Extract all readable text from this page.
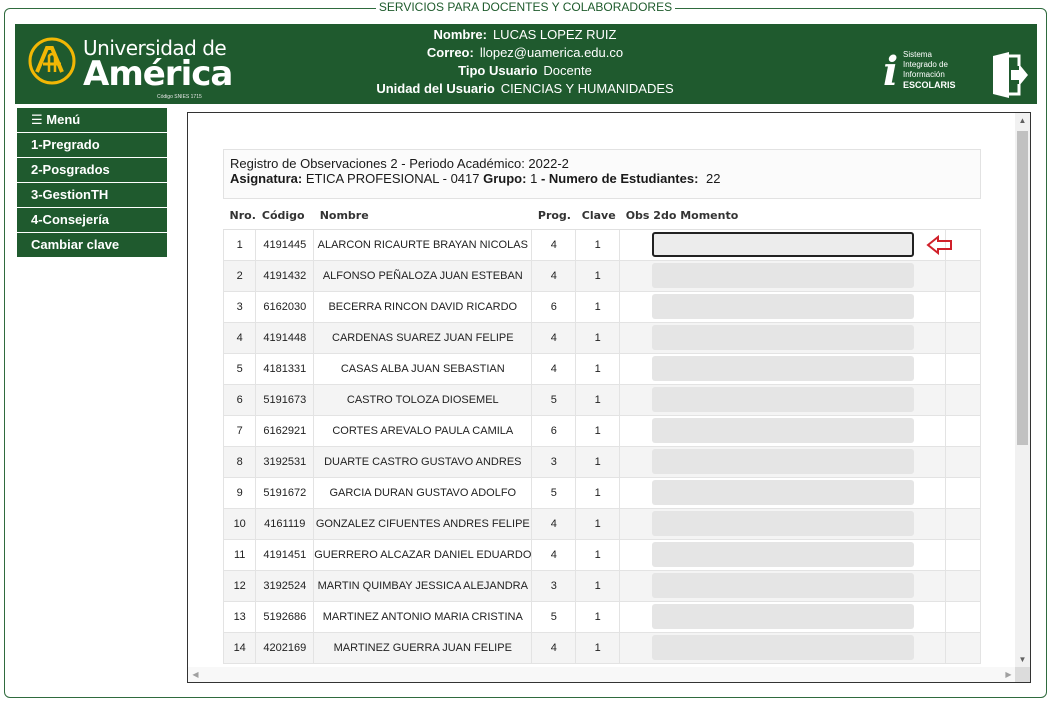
SERVICIOS PARA DOCENTES Y COLABORADORES
Universidad de
América
Código SNIES 1715
Nombre: LUCAS LOPEZ RUIZ
Correo: llopez@uamerica.edu.co
Tipo Usuario Docente
Unidad del Usuario CIENCIAS Y HUMANIDADES	i Sistema
Integrado de
Información
ESCOLARIS
☰ Menú
1-Pregrado
2-Posgrados
3-GestionTH
4-Consejería
Cambiar clave
Registro de Observaciones 2 - Periodo Académico: 2022-2
Asignatura: ETICA PROFESIONAL - 0417 Grupo: 1 - Numero de Estudiantes: 22
Nro.	Código	Nombre	Prog.	Clave	Obs 2do Momento	
1	4191445	ALARCON RICAURTE BRAYAN NICOLAS	4	1		
2	4191432	ALFONSO PEÑALOZA JUAN ESTEBAN	4	1		
3	6162030	BECERRA RINCON DAVID RICARDO	6	1		
4	4191448	CARDENAS SUAREZ JUAN FELIPE	4	1		
5	4181331	CASAS ALBA JUAN SEBASTIAN	4	1		
6	5191673	CASTRO TOLOZA DIOSEMEL	5	1		
7	6162921	CORTES AREVALO PAULA CAMILA	6	1		
8	3192531	DUARTE CASTRO GUSTAVO ANDRES	3	1		
9	5191672	GARCIA DURAN GUSTAVO ADOLFO	5	1		
10	4161119	GONZALEZ CIFUENTES ANDRES FELIPE	4	1		
11	4191451	GUERRERO ALCAZAR DANIEL EDUARDO	4	1		
12	3192524	MARTIN QUIMBAY JESSICA ALEJANDRA	3	1		
13	5192686	MARTINEZ ANTONIO MARIA CRISTINA	5	1		
14	4202169	MARTINEZ GUERRA JUAN FELIPE	4	1		
▲
▼
◀	▶
